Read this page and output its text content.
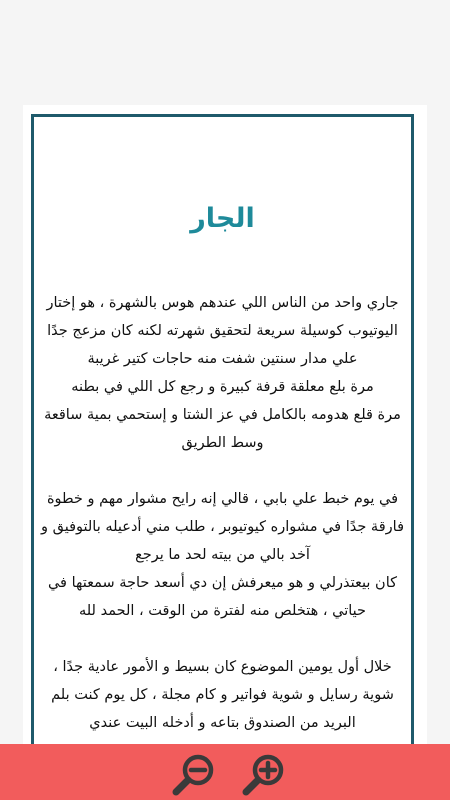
الجار

جاري واحد من الناس اللي عندهم هوس بالشهرة ، هو إختار اليوتيوب كوسيلة سريعة لتحقيق شهرته لكنه كان مزعج جدًا علي مدار سنتين شفت منه حاجات كتير غريبة
مرة بلع معلقة قرفة كبيرة و رجع كل اللي في بطنه
مرة قلع هدومه بالكامل في عز الشتا و إستحمي بمية ساقعة وسط الطريق

في يوم خبط علي بابي ، قالي إنه رايح مشوار مهم و خطوة فارقة جدًا في مشواره كيوتيوبر ، طلب مني أدعيله بالتوفيق و آخد بالي من بيته لحد ما يرجع
كان بيعتذرلي و هو ميعرفش إن دي أسعد حاجة سمعتها في حياتي ، هتخلص منه لفترة من الوقت ، الحمد لله

خلال أول يومين الموضوع كان بسيط و الأمور عادية جدًا ، شوية رسايل و شوية فواتير و كام مجلة ، كل يوم كنت بلم البريد من الصندوق بتاعه و أدخله البيت عندي
